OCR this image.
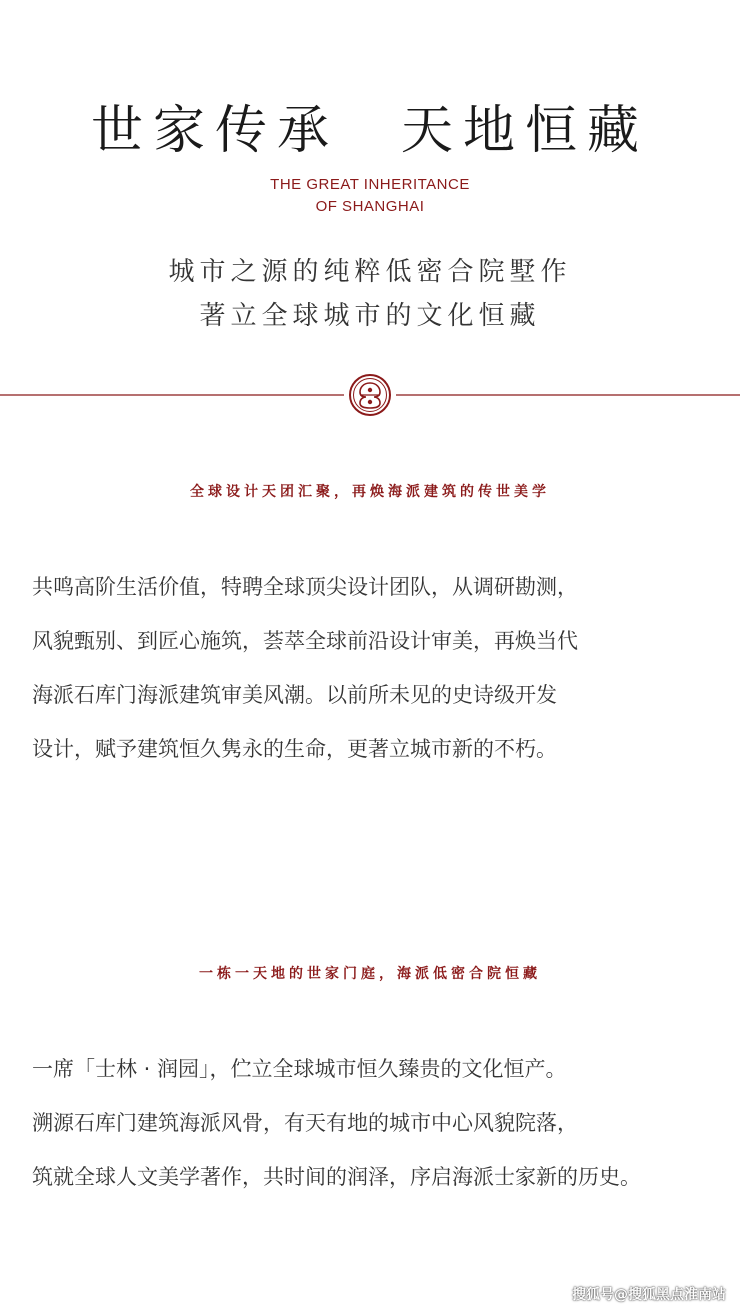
世家传承　天地恒藏
THE GREAT INHERITANCE
OF SHANGHAI
城市之源的纯粹低密合院墅作
著立全球城市的文化恒藏
全球设计天团汇聚，再焕海派建筑的传世美学
共鸣高阶生活价值，特聘全球顶尖设计团队，从调研勘测，
风貌甄别、到匠心施筑，荟萃全球前沿设计审美，再焕当代
海派石库门海派建筑审美风潮。以前所未见的史诗级开发
设计，赋予建筑恒久隽永的生命，更著立城市新的不朽。
一栋一天地的世家门庭，海派低密合院恒藏
一席「士林 · 润园」，伫立全球城市恒久臻贵的文化恒产。
溯源石库门建筑海派风骨，有天有地的城市中心风貌院落，
筑就全球人文美学著作，共时间的润泽，序启海派士家新的历史。
搜狐号@搜狐黑点淮南站
